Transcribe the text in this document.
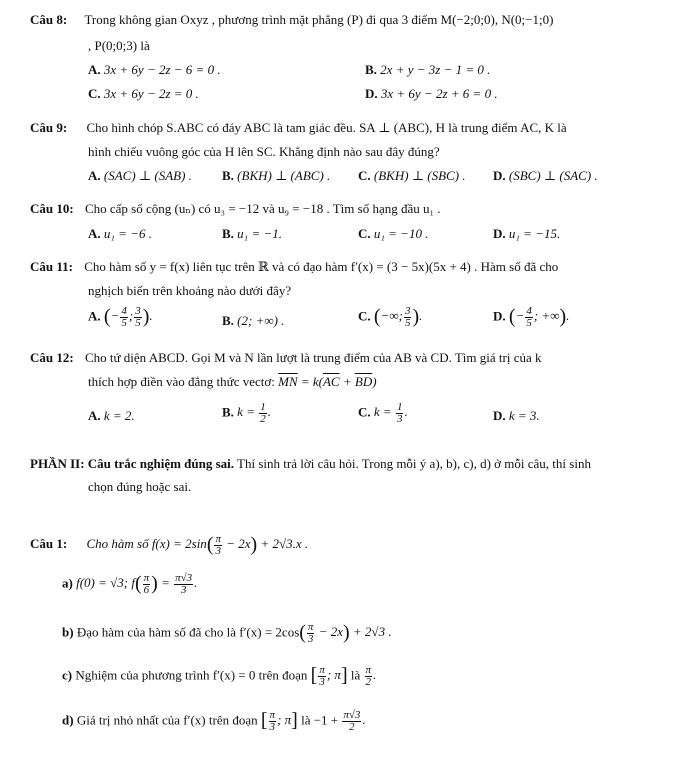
Câu 8: Trong không gian Oxyz , phương trình mặt phẳng (P) đi qua 3 điểm M(−2;0;0), N(0;−1;0)
, P(0;0;3) là
A. 3x + 6y − 2z − 6 = 0 .	B. 2x + y − 3z − 1 = 0 .
C. 3x + 6y − 2z = 0 .	D. 3x + 6y − 2z + 6 = 0 .
Câu 9: Cho hình chóp S.ABC có đáy ABC là tam giác đều. SA ⊥ (ABC), H là trung điểm AC, K là
hình chiếu vuông góc của H lên SC. Khẳng định nào sau đây đúng?
A. (SAC) ⊥ (SAB) . B. (BKH) ⊥ (ABC) . C. (BKH) ⊥ (SBC) . D. (SBC) ⊥ (SAC) .
Câu 10: Cho cấp số cộng (uₙ) có u₃ = −12 và u₉ = −18 . Tìm số hạng đầu u₁ .
A. u₁ = −6 .	B. u₁ = −1.	C. u₁ = −10 .	D. u₁ = −15.
Câu 11: Cho hàm số y = f(x) liên tục trên ℝ và có đạo hàm f′(x) = (3 − 5x)(5x + 4) . Hàm số đã cho
nghịch biến trên khoảng nào dưới đây?
A. (− $\frac{4}{5}$ ; $\frac{3}{5}$ ).	B. (2; +∞) .	C. (−∞; $\frac{3}{5}$ ).	D. (− $\frac{4}{5}$ ; +∞).
Câu 12: Cho tứ diện ABCD. Gọi M và N lần lượt là trung điểm của AB và CD. Tìm giá trị của k
thích hợp điền vào đẳng thức vectơ: $\overline{MN} = k(\overline{AC} + \overline{BD})$
A. k = 2.	B. $k = \frac{1}{2}$ .	C. $k = \frac{1}{3}$ .	D. k = 3.
PHẦN II: Câu trắc nghiệm đúng sai. Thí sinh trả lời câu hỏi. Trong mỗi ý a), b), c), d) ở mỗi câu, thí sinh
chọn đúng hoặc sai.
Câu 1: Cho hàm số $f(x) = 2\sin( \frac{\pi}{3} - 2x) + 2√3.x$ .
a) f(0) = √3; $f( \frac{\pi}{6}$ ) = $\frac{\pi√3}{3}$ .
b) Đạo hàm của hàm số đã cho là $f'(x) = 2\cos( \frac{\pi}{3} - 2x) + 2√3$ .
c) Nghiệm của phương trình f′(x) = 0 trên đoạn [ $\frac{\pi}{3}$ ; π] là $\frac{\pi}{2}$ .
d) Giá trị nhỏ nhất của f′(x) trên đoạn [ $\frac{\pi}{3}$ ; π] là $-1 + \frac{\pi√3}{2}$ .
